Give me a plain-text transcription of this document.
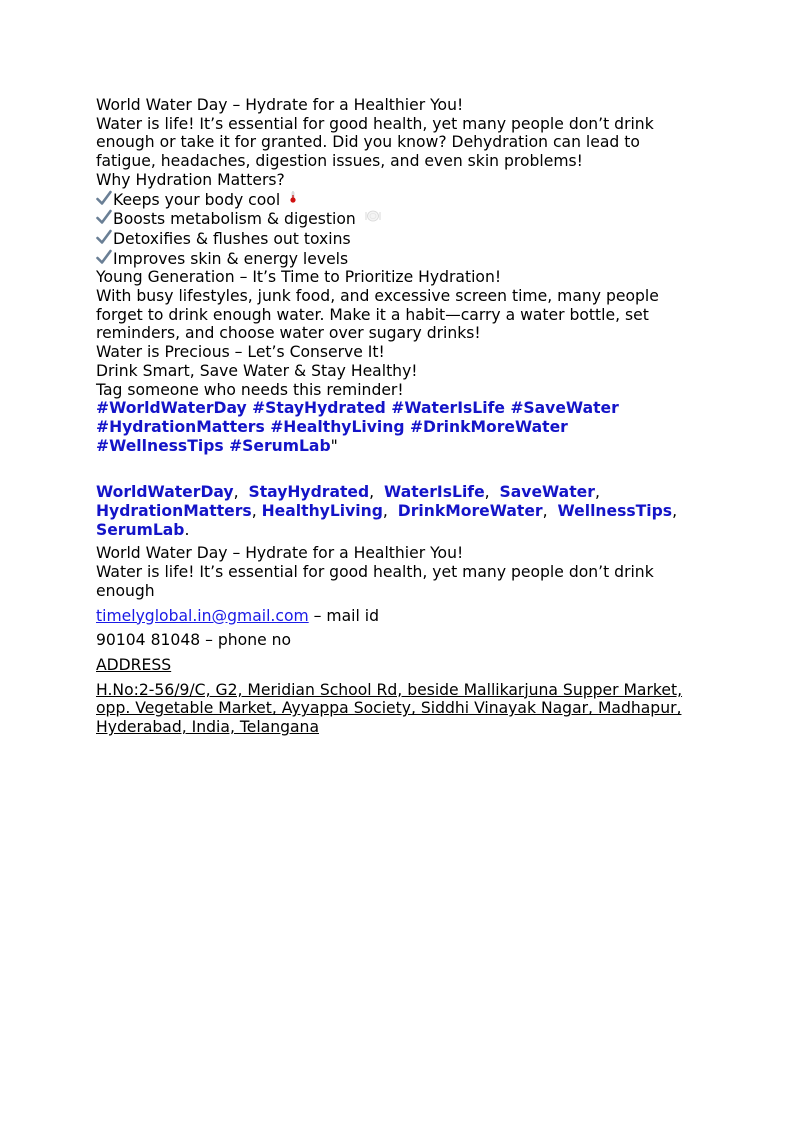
World Water Day – Hydrate for a Healthier You!
Water is life! It’s essential for good health, yet many people don’t drink enough or take it for granted. Did you know? Dehydration can lead to fatigue, headaches, digestion issues, and even skin problems!
Why Hydration Matters?
Keeps your body cool
Boosts metabolism & digestion
Detoxifies & flushes out toxins
Improves skin & energy levels
Young Generation – It’s Time to Prioritize Hydration!
With busy lifestyles, junk food, and excessive screen time, many people forget to drink enough water. Make it a habit—carry a water bottle, set reminders, and choose water over sugary drinks!
Water is Precious – Let’s Conserve It!
Drink Smart, Save Water & Stay Healthy!
Tag someone who needs this reminder!
#WorldWaterDay #StayHydrated #WaterIsLife #SaveWater
#HydrationMatters #HealthyLiving #DrinkMoreWater
#WellnessTips #SerumLab"
WorldWaterDay,  StayHydrated,  WaterIsLife,  SaveWater, HydrationMatters, HealthyLiving,  DrinkMoreWater,  WellnessTips, SerumLab.
World Water Day – Hydrate for a Healthier You!
Water is life! It’s essential for good health, yet many people don’t drink enough
timelyglobal.in@gmail.com – mail id
90104 81048 – phone no
ADDRESS
H.No:2-56/9/C, G2, Meridian School Rd, beside Mallikarjuna Supper Market, opp. Vegetable Market, Ayyappa Society, Siddhi Vinayak Nagar, Madhapur, Hyderabad, India, Telangana
